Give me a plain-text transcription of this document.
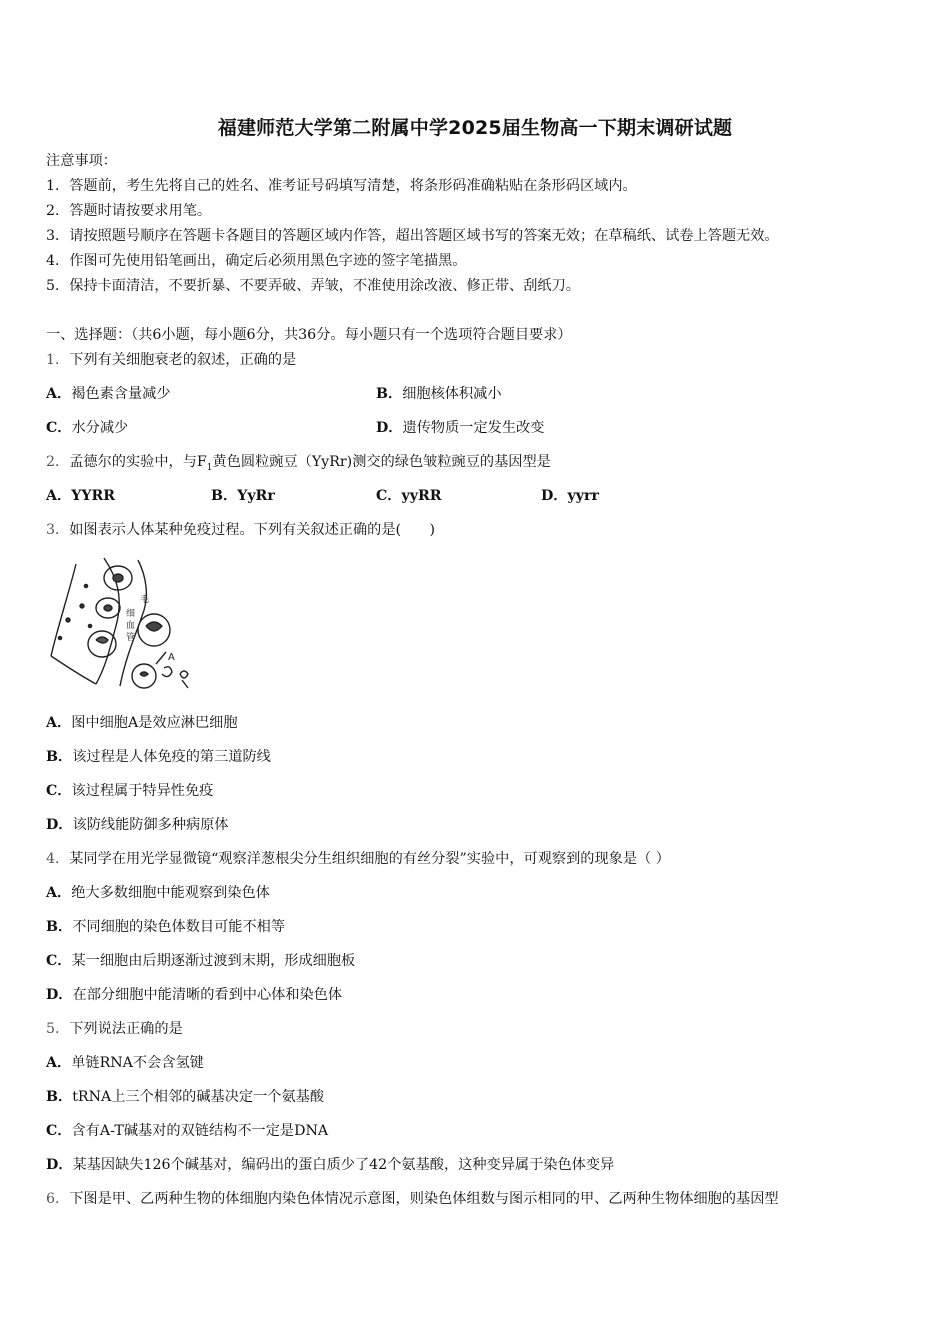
福建师范大学第二附属中学2025届生物高一下期末调研试题
注意事项：
1．答题前，考生先将自己的姓名、准考证号码填写清楚，将条形码准确粘贴在条形码区域内。
2．答题时请按要求用笔。
3．请按照题号顺序在答题卡各题目的答题区域内作答，超出答题区域书写的答案无效；在草稿纸、试卷上答题无效。
4．作图可先使用铅笔画出，确定后必须用黑色字迹的签字笔描黑。
5．保持卡面清洁，不要折暴、不要弄破、弄皱，不准使用涂改液、修正带、刮纸刀。
一、选择题：（共6小题，每小题6分，共36分。每小题只有一个选项符合题目要求）
1．下列有关细胞衰老的叙述，正确的是
A．褐色素含量减少	B．细胞核体积减小
C．水分减少	D．遗传物质一定发生改变
2．孟德尔的实验中，与$F_1$黄色圆粒豌豆（YyRr)测交的绿色皱粒豌豆的基因型是
A．YYRR	B．YyRr	C．yyRR	D．yyrr
3．如图表示人体某种免疫过程。下列有关叙述正确的是(　　)
毛
细
血
管
A
A．图中细胞A是效应淋巴细胞
B．该过程是人体免疫的第三道防线
C．该过程属于特异性免疫
D．该防线能防御多种病原体
4．某同学在用光学显微镜“观察洋葱根尖分生组织细胞的有丝分裂”实验中，可观察到的现象是（ ）
A．绝大多数细胞中能观察到染色体
B．不同细胞的染色体数目可能不相等
C．某一细胞由后期逐渐过渡到末期，形成细胞板
D．在部分细胞中能清晰的看到中心体和染色体
5．下列说法正确的是
A．单链RNA不会含氢键
B．tRNA上三个相邻的碱基决定一个氨基酸
C．含有A-T碱基对的双链结构不一定是DNA
D．某基因缺失126个碱基对，编码出的蛋白质少了42个氨基酸，这种变异属于染色体变异
6．下图是甲、乙两种生物的体细胞内染色体情况示意图，则染色体组数与图示相同的甲、乙两种生物体细胞的基因型
